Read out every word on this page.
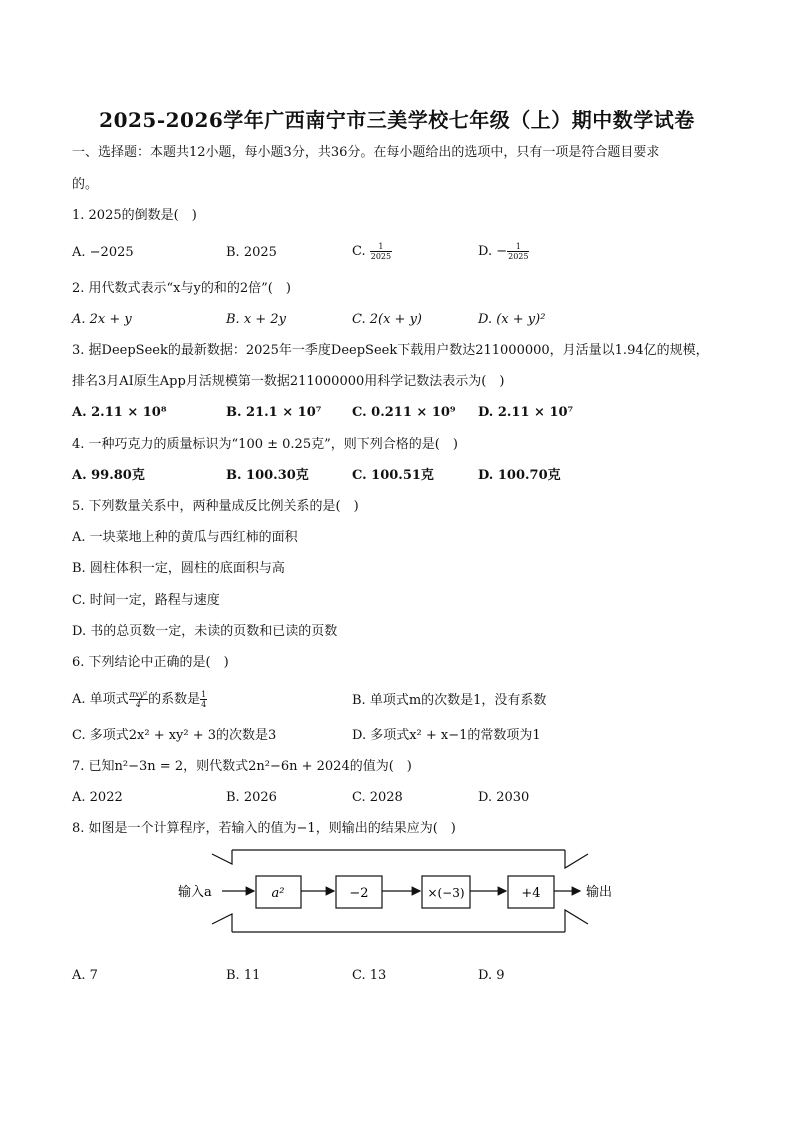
2025-2026学年广西南宁市三美学校七年级（上）期中数学试卷
一、选择题：本题共12小题，每小题3分，共36分。在每小题给出的选项中，只有一项是符合题目要求
的。
1. 2025的倒数是(　)
A. −2025	B. 2025	C. $\frac{1}{2025}$	D. − $\frac{1}{2025}$
2. 用代数式表示“x与y的和的2倍”(　)
A. 2x + y	B. x + 2y	C. 2(x + y)	D. (x + y)²
3. 据DeepSeek的最新数据：2025年一季度DeepSeek下载用户数达211000000，月活量以1.94亿的规模，
排名3月AI原生App月活规模第一数据211000000用科学记数法表示为(　)
A. 2.11 × 10⁸	B. 21.1 × 10⁷ C. 0.211 × 10⁹ D. 2.11 × 10⁷
4. 一种巧克力的质量标识为“100 ± 0.25克”，则下列合格的是(　)
A. 99.80克	B. 100.30克	C. 100.51克	D. 100.70克
5. 下列数量关系中，两种量成反比例关系的是(　)
A. 一块菜地上种的黄瓜与西红柿的面积
B. 圆柱体积一定，圆柱的底面积与高
C. 时间一定，路程与速度
D. 书的总页数一定，未读的页数和已读的页数
6. 下列结论中正确的是(　)
A. 单项式 $\frac{\text{πxy²}}{4}$ 的系数是 $\frac{1}{4}$	B. 单项式m的次数是1，没有系数
C. 多项式2x² + xy² + 3的次数是3	D. 多项式x² + x−1的常数项为1
7. 已知n²−3n = 2，则代数式2n²−6n + 2024的值为(　)
A. 2022	B. 2026	C. 2028	D. 2030
8. 如图是一个计算程序，若输入的值为−1，则输出的结果应为(　)
输入a	a²	−2	×(−3)	+4	输出
A. 7	B. 11	C. 13	D. 9
